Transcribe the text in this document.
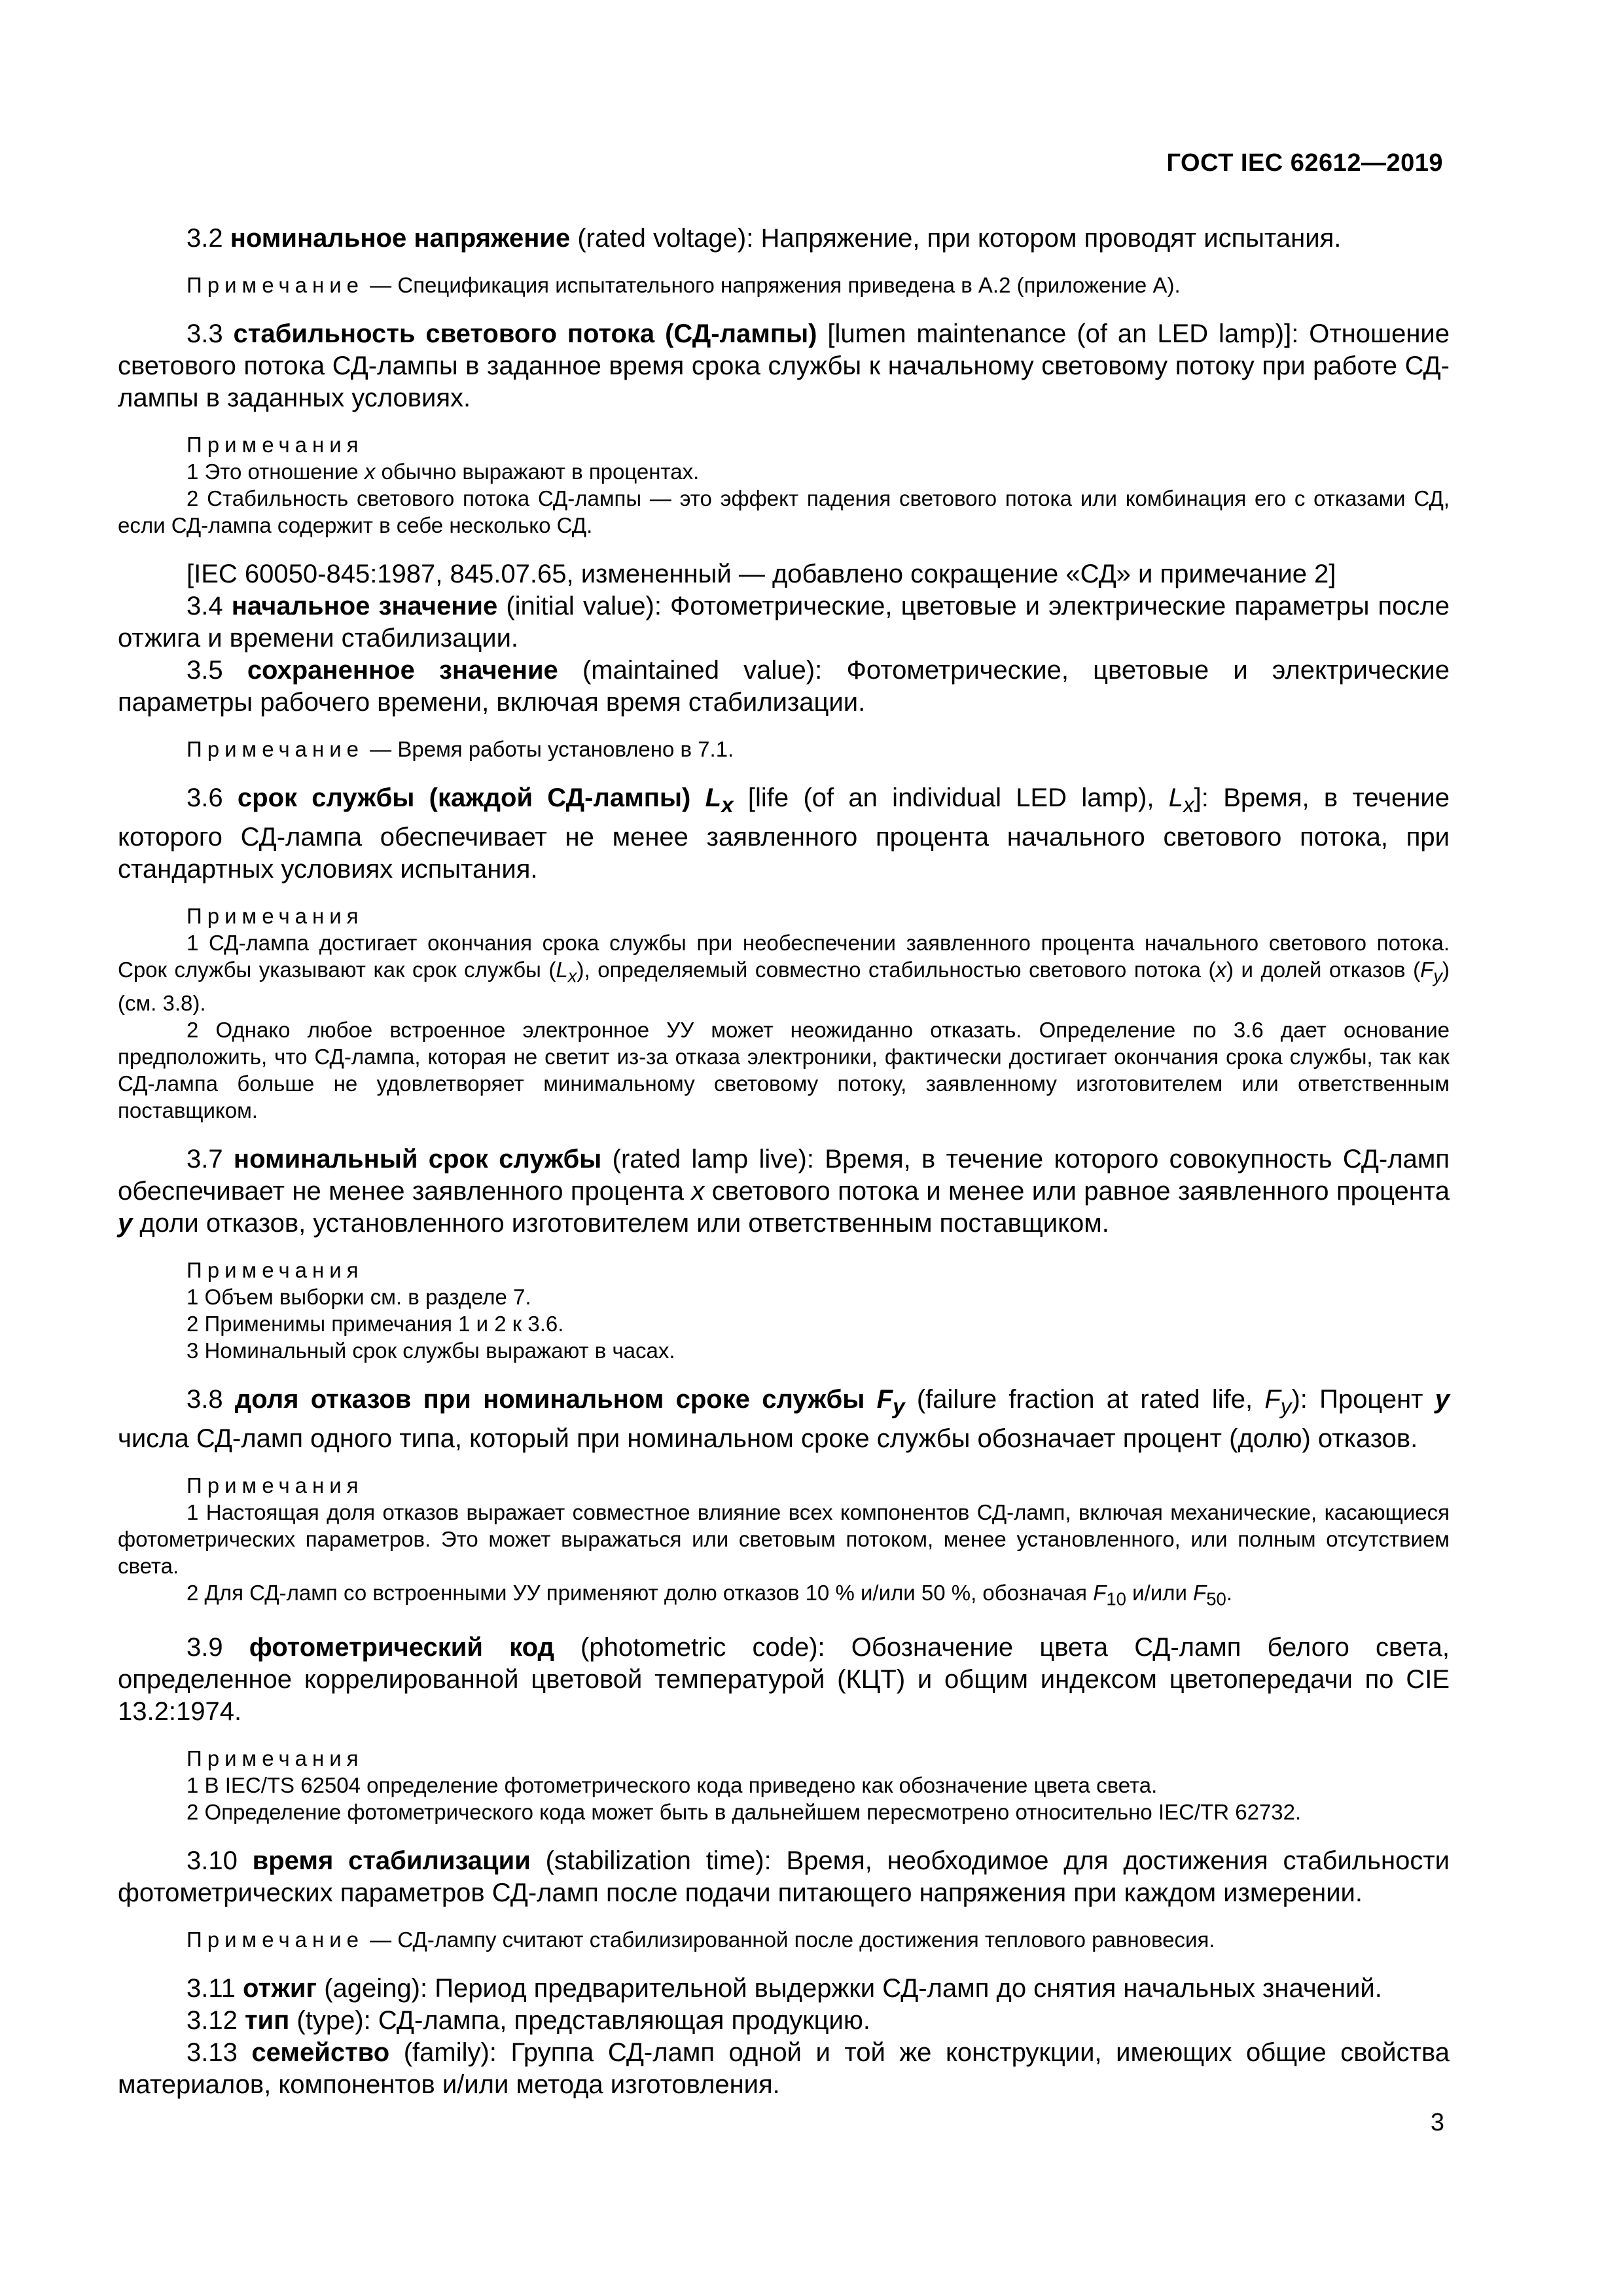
ГОСТ IEC 62612—2019

3.2 номинальное напряжение (rated voltage): Напряжение, при котором проводят испытания.

Примечание — Спецификация испытательного напряжения приведена в А.2 (приложение А).

3.3 стабильность светового потока (СД-лампы) [lumen maintenance (of an LED lamp)]: Отношение светового потока СД-лампы в заданное время срока службы к начальному световому потоку при работе СД-лампы в заданных условиях.

Примечания

1 Это отношение x обычно выражают в процентах.

2 Стабильность светового потока СД-лампы — это эффект падения светового потока или комбинация его с отказами СД, если СД-лампа содержит в себе несколько СД.

[IEC 60050-845:1987, 845.07.65, измененный — добавлено сокращение «СД» и примечание 2]

3.4 начальное значение (initial value): Фотометрические, цветовые и электрические параметры после отжига и времени стабилизации.

3.5 сохраненное значение (maintained value): Фотометрические, цветовые и электрические параметры рабочего времени, включая время стабилизации.

Примечание — Время работы установлено в 7.1.

3.6 срок службы (каждой СД-лампы) $L_x$ [life (of an individual LED lamp), $L_x$]: Время, в течение которого СД-лампа обеспечивает не менее заявленного процента начального светового потока, при стандартных условиях испытания.

Примечания

1 СД-лампа достигает окончания срока службы при необеспечении заявленного процента начального светового потока. Срок службы указывают как срок службы $(L_x)$, определяемый совместно стабильностью светового потока (x) и долей отказов $(F_y)$ (см. 3.8).

2 Однако любое встроенное электронное УУ может неожиданно отказать. Определение по 3.6 дает основание предположить, что СД-лампа, которая не светит из-за отказа электроники, фактически достигает окончания срока службы, так как СД-лампа больше не удовлетворяет минимальному световому потоку, заявленному изготовителем или ответственным поставщиком.

3.7 номинальный срок службы (rated lamp live): Время, в течение которого совокупность СД-ламп обеспечивает не менее заявленного процента x светового потока и менее или равное заявленного процента y доли отказов, установленного изготовителем или ответственным поставщиком.

Примечания

1 Объем выборки см. в разделе 7.

2 Применимы примечания 1 и 2 к 3.6.

3 Номинальный срок службы выражают в часах.

3.8 доля отказов при номинальном сроке службы $F_y$ (failure fraction at rated life, $F_y$): Процент y числа СД-ламп одного типа, который при номинальном сроке службы обозначает процент (долю) отказов.

Примечания

1 Настоящая доля отказов выражает совместное влияние всех компонентов СД-ламп, включая механические, касающиеся фотометрических параметров. Это может выражаться или световым потоком, менее установленного, или полным отсутствием света.

2 Для СД-ламп со встроенными УУ применяют долю отказов 10 % и/или 50 %, обозначая $F_{10}$ и/или $F_{50}$.

3.9 фотометрический код (photometric code): Обозначение цвета СД-ламп белого света, определенное коррелированной цветовой температурой (КЦТ) и общим индексом цветопередачи по CIE 13.2:1974.

Примечания

1 В IEC/TS 62504 определение фотометрического кода приведено как обозначение цвета света.

2 Определение фотометрического кода может быть в дальнейшем пересмотрено относительно IEC/TR 62732.

3.10 время стабилизации (stabilization time): Время, необходимое для достижения стабильности фотометрических параметров СД-ламп после подачи питающего напряжения при каждом измерении.

Примечание — СД-лампу считают стабилизированной после достижения теплового равновесия.

3.11 отжиг (ageing): Период предварительной выдержки СД-ламп до снятия начальных значений.

3.12 тип (type): СД-лампа, представляющая продукцию.

3.13 семейство (family): Группа СД-ламп одной и той же конструкции, имеющих общие свойства материалов, компонентов и/или метода изготовления.

3
